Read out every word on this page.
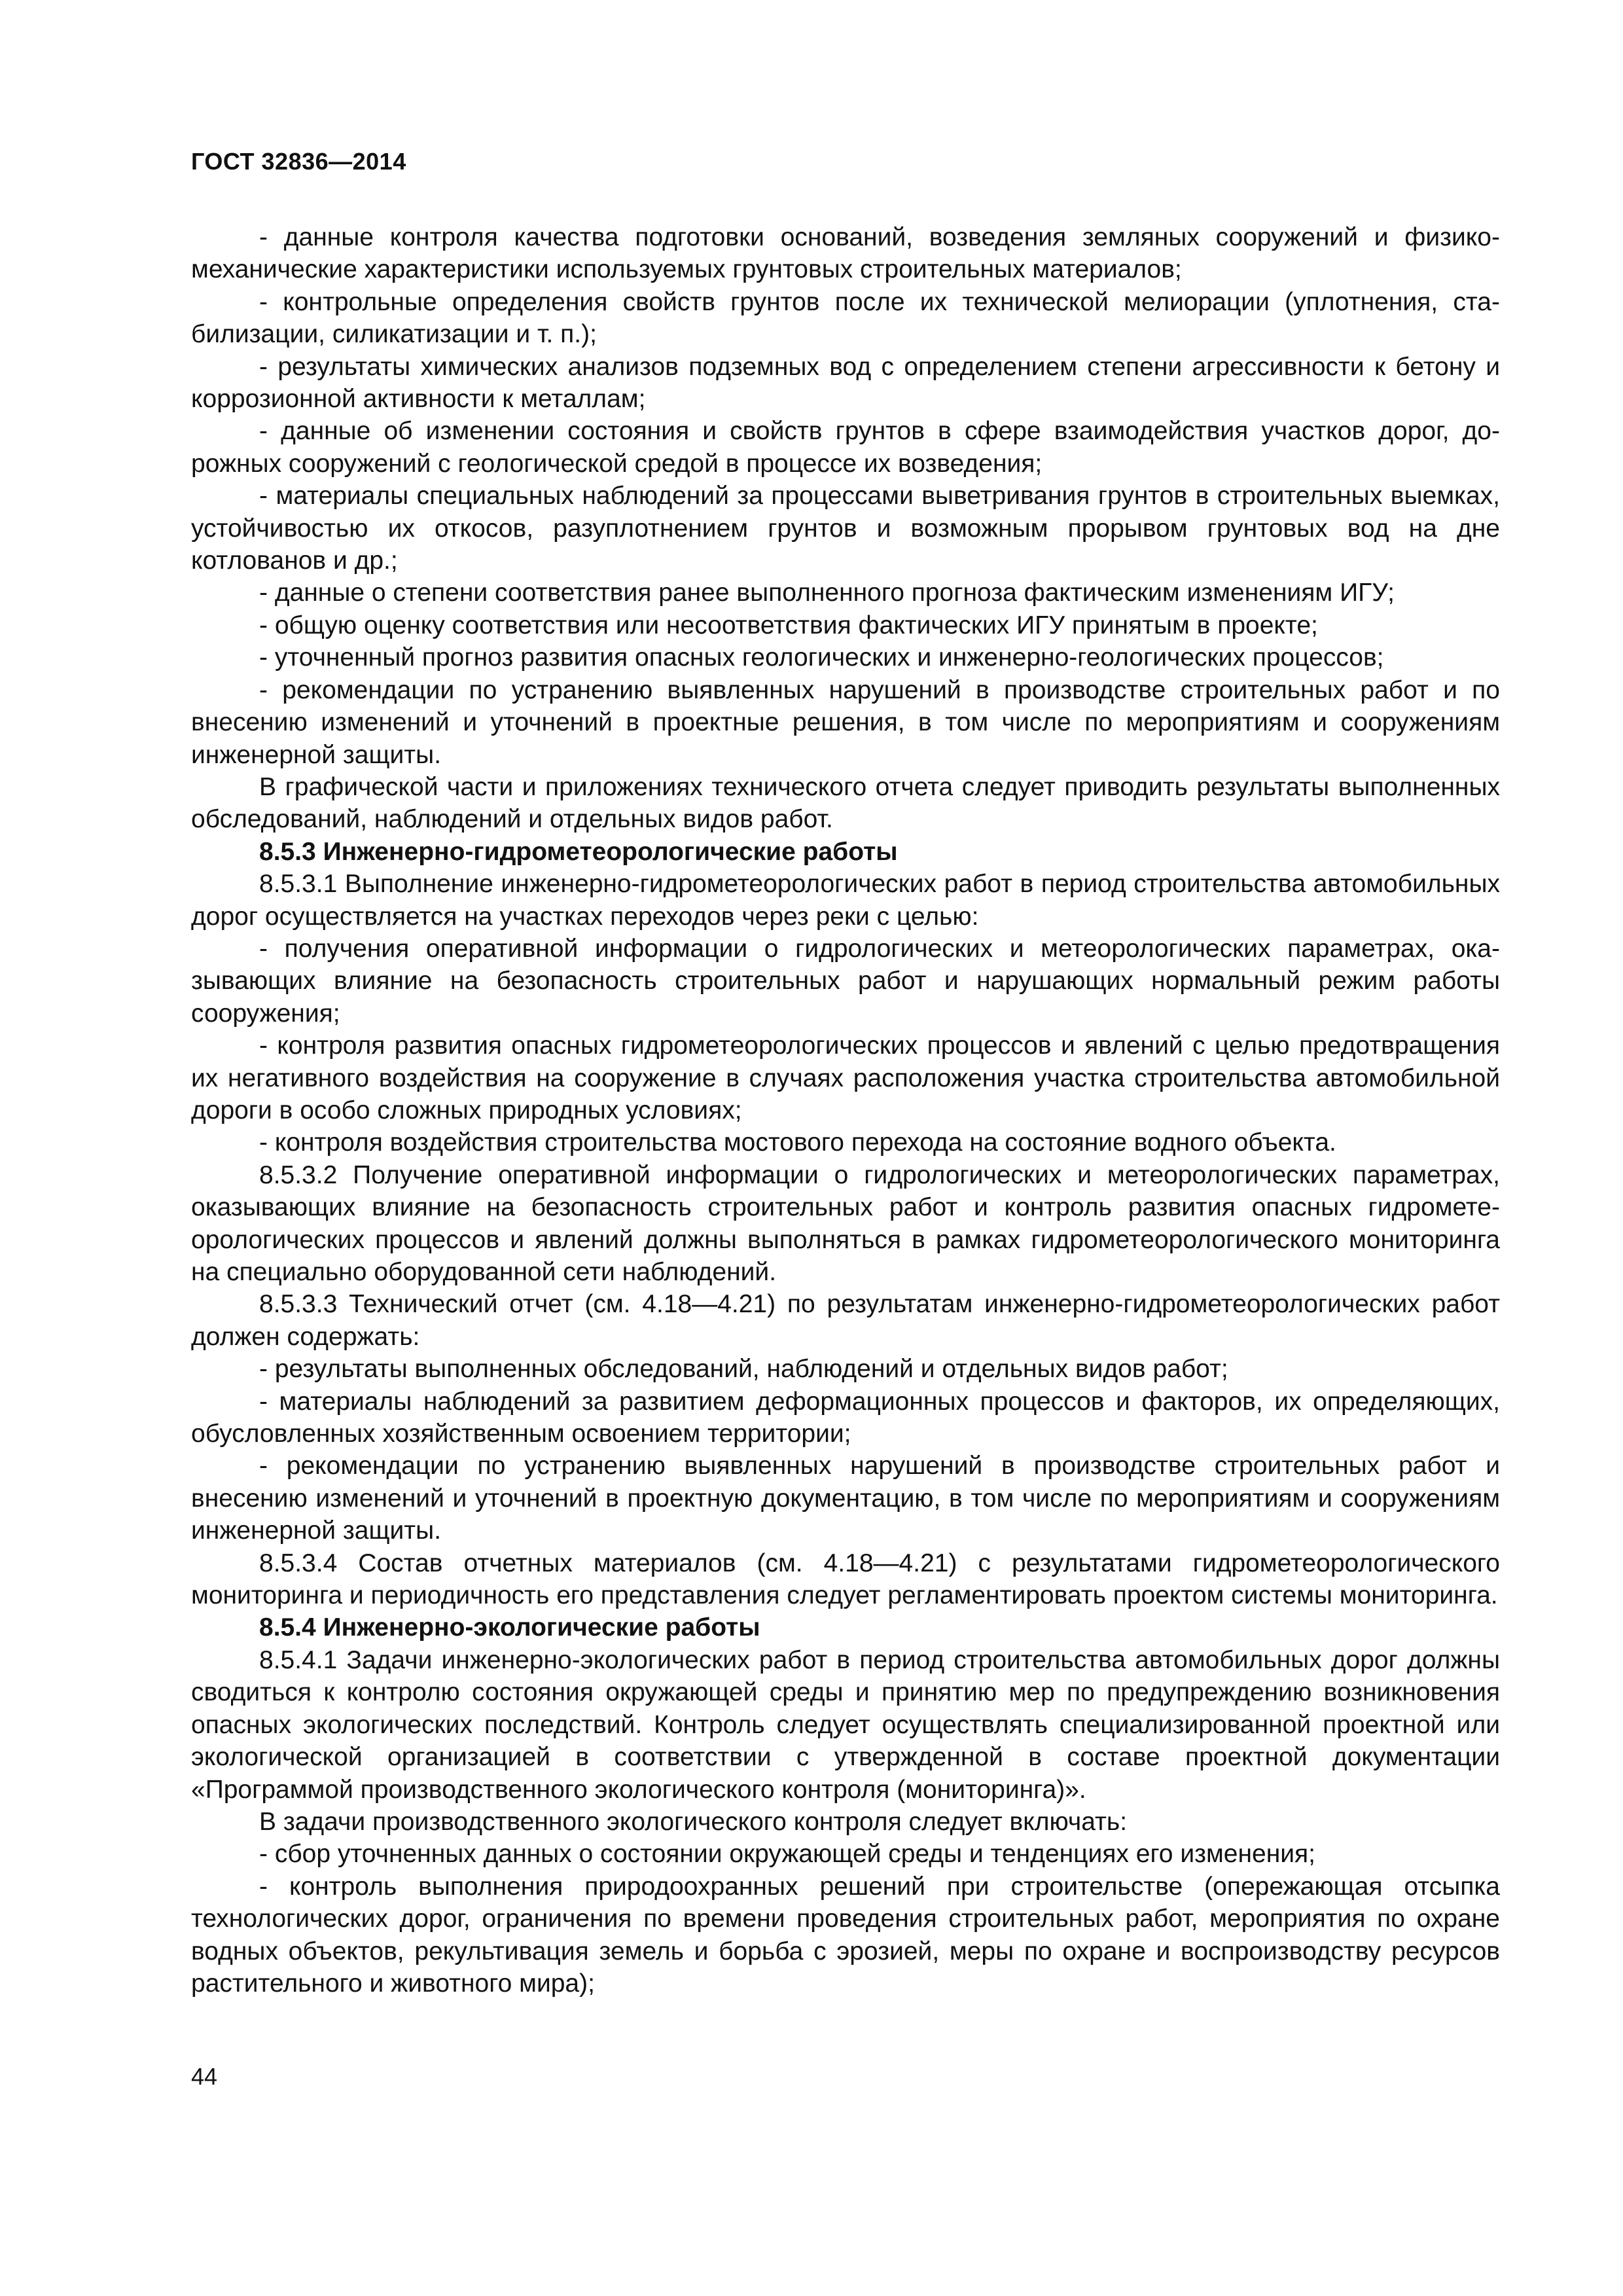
ГОСТ 32836—2014

- данные контроля качества подготовки оснований, возведения земляных сооружений и физикомеханические характеристики используемых грунтовых строительных материалов;

- контрольные определения свойств грунтов после их технической мелиорации (уплотнения, стабилизации, силикатизации и т. п.);

- результаты химических анализов подземных вод с определением степени агрессивности к бетону и коррозионной активности к металлам;

- данные об изменении состояния и свойств грунтов в сфере взаимодействия участков дорог, дорожных сооружений с геологической средой в процессе их возведения;

- материалы специальных наблюдений за процессами выветривания грунтов в строительных выемках, устойчивостью их откосов, разуплотнением грунтов и возможным прорывом грунтовых вод на дне котлованов и др.;

- данные о степени соответствия ранее выполненного прогноза фактическим изменениям ИГУ;

- общую оценку соответствия или несоответствия фактических ИГУ принятым в проекте;

- уточненный прогноз развития опасных геологических и инженерно-геологических процессов;

- рекомендации по устранению выявленных нарушений в производстве строительных работ и по внесению изменений и уточнений в проектные решения, в том числе по мероприятиям и сооружениям инженерной защиты.

В графической части и приложениях технического отчета следует приводить результаты выполненных обследований, наблюдений и отдельных видов работ.

8.5.3 Инженерно-гидрометеорологические работы

8.5.3.1 Выполнение инженерно-гидрометеорологических работ в период строительства автомобильных дорог осуществляется на участках переходов через реки с целью:

- получения оперативной информации о гидрологических и метеорологических параметрах, оказывающих влияние на безопасность строительных работ и нарушающих нормальный режим работы сооружения;

- контроля развития опасных гидрометеорологических процессов и явлений с целью предотвращения их негативного воздействия на сооружение в случаях расположения участка строительства автомобильной дороги в особо сложных природных условиях;

- контроля воздействия строительства мостового перехода на состояние водного объекта.

8.5.3.2 Получение оперативной информации о гидрологических и метеорологических параметрах, оказывающих влияние на безопасность строительных работ и контроль развития опасных гидрометеорологических процессов и явлений должны выполняться в рамках гидрометеорологического мониторинга на специально оборудованной сети наблюдений.

8.5.3.3 Технический отчет (см. 4.18—4.21) по результатам инженерно-гидрометеорологических работ должен содержать:

- результаты выполненных обследований, наблюдений и отдельных видов работ;

- материалы наблюдений за развитием деформационных процессов и факторов, их определяющих, обусловленных хозяйственным освоением территории;

- рекомендации по устранению выявленных нарушений в производстве строительных работ и внесению изменений и уточнений в проектную документацию, в том числе по мероприятиям и сооружениям инженерной защиты.

8.5.3.4 Состав отчетных материалов (см. 4.18—4.21) с результатами гидрометеорологического мониторинга и периодичность его представления следует регламентировать проектом системы мониторинга.

8.5.4 Инженерно-экологические работы

8.5.4.1 Задачи инженерно-экологических работ в период строительства автомобильных дорог должны сводиться к контролю состояния окружающей среды и принятию мер по предупреждению возникновения опасных экологических последствий. Контроль следует осуществлять специализированной проектной или экологической организацией в соответствии с утвержденной в составе проектной документации «Программой производственного экологического контроля (мониторинга)».

В задачи производственного экологического контроля следует включать:

- сбор уточненных данных о состоянии окружающей среды и тенденциях его изменения;

- контроль выполнения природоохранных решений при строительстве (опережающая отсыпка технологических дорог, ограничения по времени проведения строительных работ, мероприятия по охране водных объектов, рекультивация земель и борьба с эрозией, меры по охране и воспроизводству ресурсов растительного и животного мира);

44
